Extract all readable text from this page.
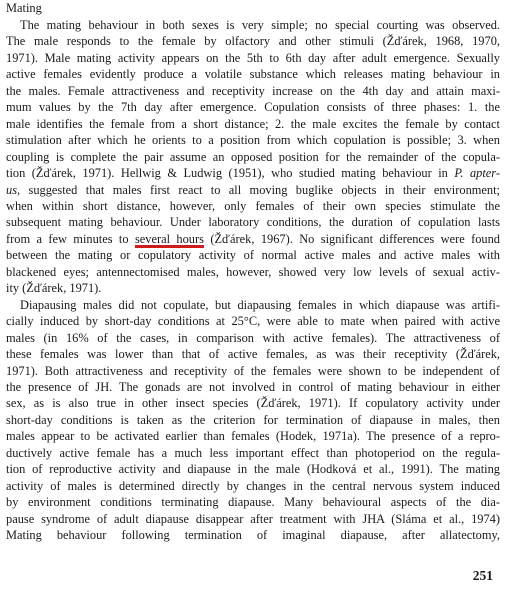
Mating
The mating behaviour in both sexes is very simple; no special courting was observed.
The male responds to the female by olfactory and other stimuli (Žďárek, 1968, 1970,
1971). Male mating activity appears on the 5th to 6th day after adult emergence. Sexually
active females evidently produce a volatile substance which releases mating behaviour in
the males. Female attractiveness and receptivity increase on the 4th day and attain maxi-
mum values by the 7th day after emergence. Copulation consists of three phases: 1. the
male identifies the female from a short distance; 2. the male excites the female by contact
stimulation after which he orients to a position from which copulation is possible; 3. when
coupling is complete the pair assume an opposed position for the remainder of the copula-
tion (Žďárek, 1971). Hellwig & Ludwig (1951), who studied mating behaviour in P. apter-
us, suggested that males first react to all moving buglike objects in their environment;
when within short distance, however, only females of their own species stimulate the
subsequent mating behaviour. Under laboratory conditions, the duration of copulation lasts
from a few minutes to several hours (Žďárek, 1967). No significant differences were found
between the mating or copulatory activity of normal active males and active males with
blackened eyes; antennectomised males, however, showed very low levels of sexual activ-
ity (Žďárek, 1971).
Diapausing males did not copulate, but diapausing females in which diapause was artifi-
cially induced by short-day conditions at 25°C, were able to mate when paired with active
males (in 16% of the cases, in comparison with active females). The attractiveness of
these females was lower than that of active females, as was their receptivity (Žďárek,
1971). Both attractiveness and receptivity of the females were shown to be independent of
the presence of JH. The gonads are not involved in control of mating behaviour in either
sex, as is also true in other insect species (Žďárek, 1971). If copulatory activity under
short-day conditions is taken as the criterion for termination of diapause in males, then
males appear to be activated earlier than females (Hodek, 1971a). The presence of a repro-
ductively active female has a much less important effect than photoperiod on the regula-
tion of reproductive activity and diapause in the male (Hodková et al., 1991). The mating
activity of males is determined directly by changes in the central nervous system induced
by environment conditions terminating diapause. Many behavioural aspects of the dia-
pause syndrome of adult diapause disappear after treatment with JHA (Sláma et al., 1974)
Mating behaviour following termination of imaginal diapause, after allatectomy,
251
